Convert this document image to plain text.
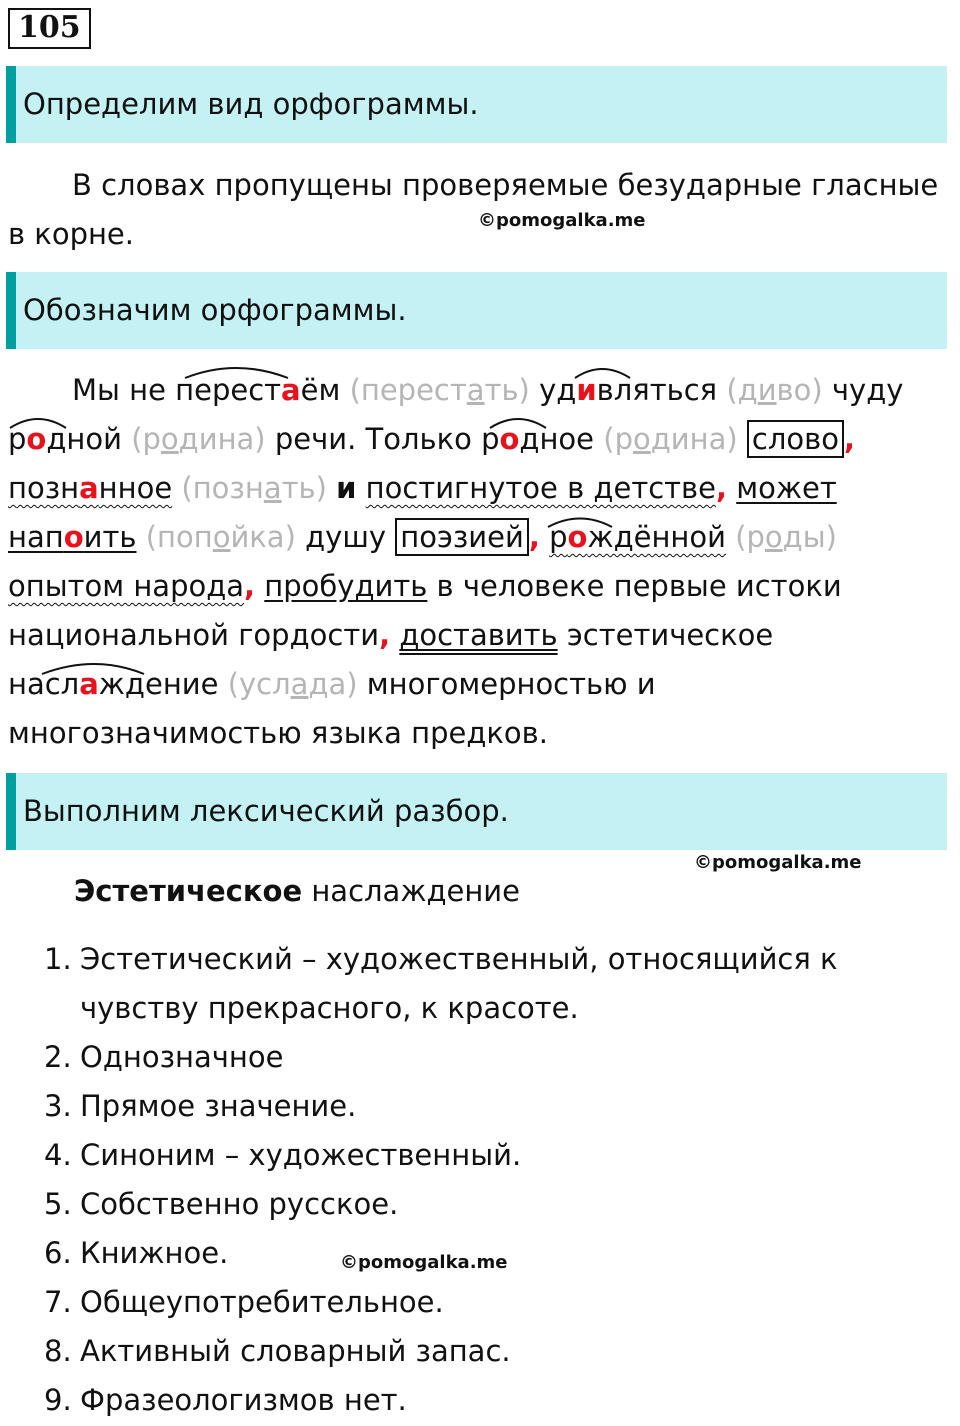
105
Определим вид орфограммы.
В словах пропущены проверяемые безударные гласные
в корне.	©pomogalka.me
Обозначим орфограммы.
Мы не перестаём (перестать) удивляться (диво) чуду
родной (родина) речи. Только родное (родина) слово ,
познанное (познать) и постигнутое в детстве, может
напоить (попойка) душу поэзией , рождённой (роды)
опытом народа, пробудить в человеке первые истоки
национальной гордости, доставить эстетическое
наслаждение (услада) многомерностью и
многозначимостью языка предков.
Выполним лексический разбор.
©pomogalka.me
Эстетическое наслаждение
1. Эстетический – художественный, относящийся к
чувству прекрасного, к красоте.
2. Однозначное
3. Прямое значение.
4. Синоним – художественный.
5. Собственно русское.
6. Книжное.
7. Общеупотребительное.
8. Активный словарный запас.
9. Фразеологизмов нет.
©pomogalka.me
